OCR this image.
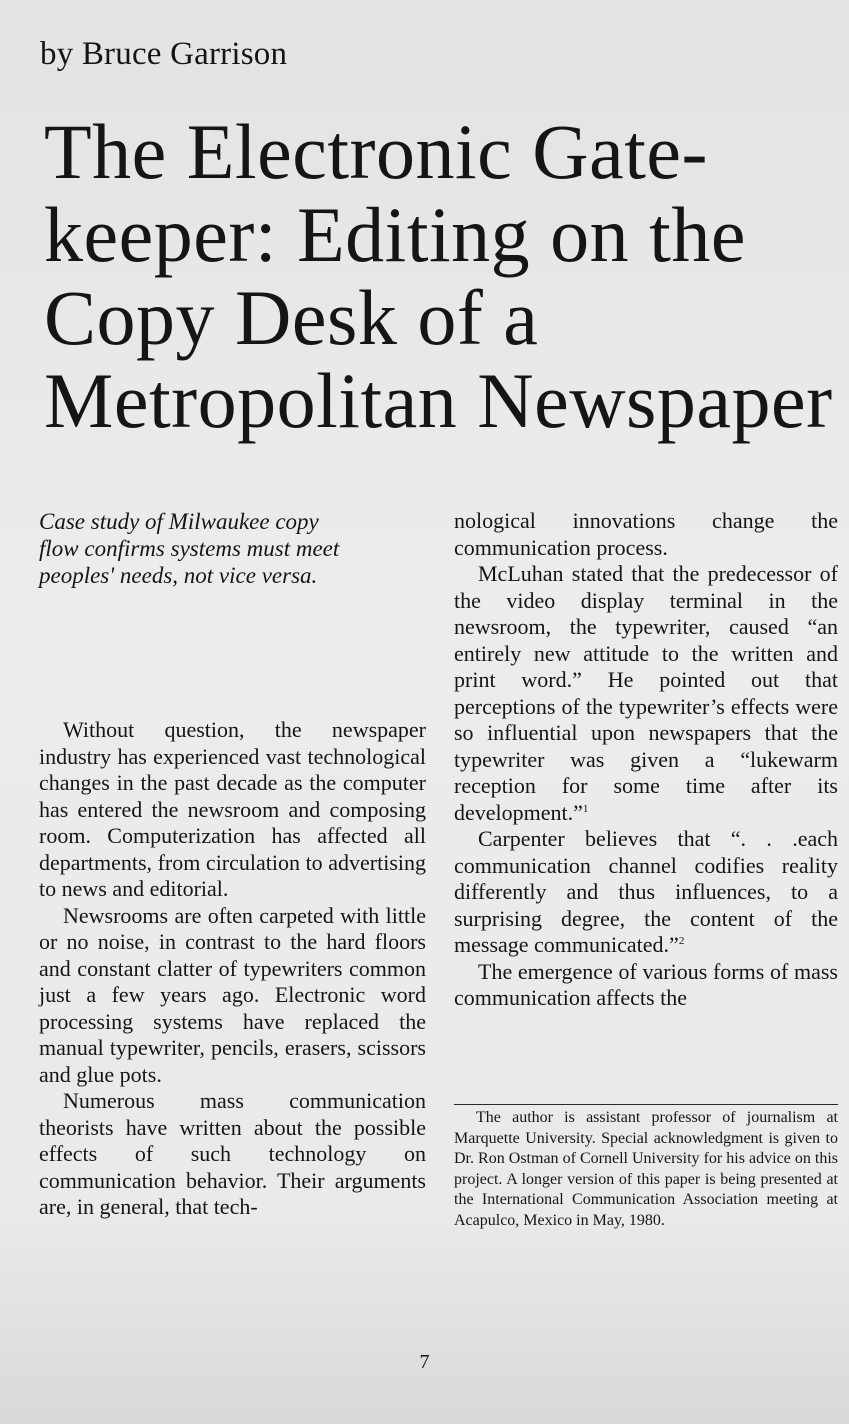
by Bruce Garrison
The Electronic Gate-
keeper: Editing on the
Copy Desk of a
Metropolitan Newspaper
Case study of Milwaukee copy
flow confirms systems must meet
peoples' needs, not vice versa.

Without question, the newspaper industry has experienced vast technological changes in the past decade as the computer has entered the newsroom and composing room. Computerization has affected all departments, from circulation to advertising to news and editorial.

Newsrooms are often carpeted with little or no noise, in contrast to the hard floors and constant clatter of typewriters common just a few years ago. Electronic word processing systems have replaced the manual typewriter, pencils, erasers, scissors and glue pots.

Numerous mass communication theorists have written about the possible effects of such technology on communication behavior. Their arguments are, in general, that tech-

nological innovations change the communication process.

McLuhan stated that the predecessor of the video display terminal in the newsroom, the typewriter, caused “an entirely new attitude to the written and print word.” He pointed out that perceptions of the typewriter’s effects were so influential upon newspapers that the typewriter was given a “lukewarm reception for some time after its development.”$^1$

Carpenter believes that “. . .each communication channel codifies reality differently and thus influences, to a surprising degree, the content of the message communicated.”$^2$

The emergence of various forms of mass communication affects the

The author is assistant professor of journalism at Marquette University. Special acknowledgment is given to Dr. Ron Ostman of Cornell University for his advice on this project. A longer version of this paper is being presented at the International Communication Association meeting at Acapulco, Mexico in May, 1980.

7
